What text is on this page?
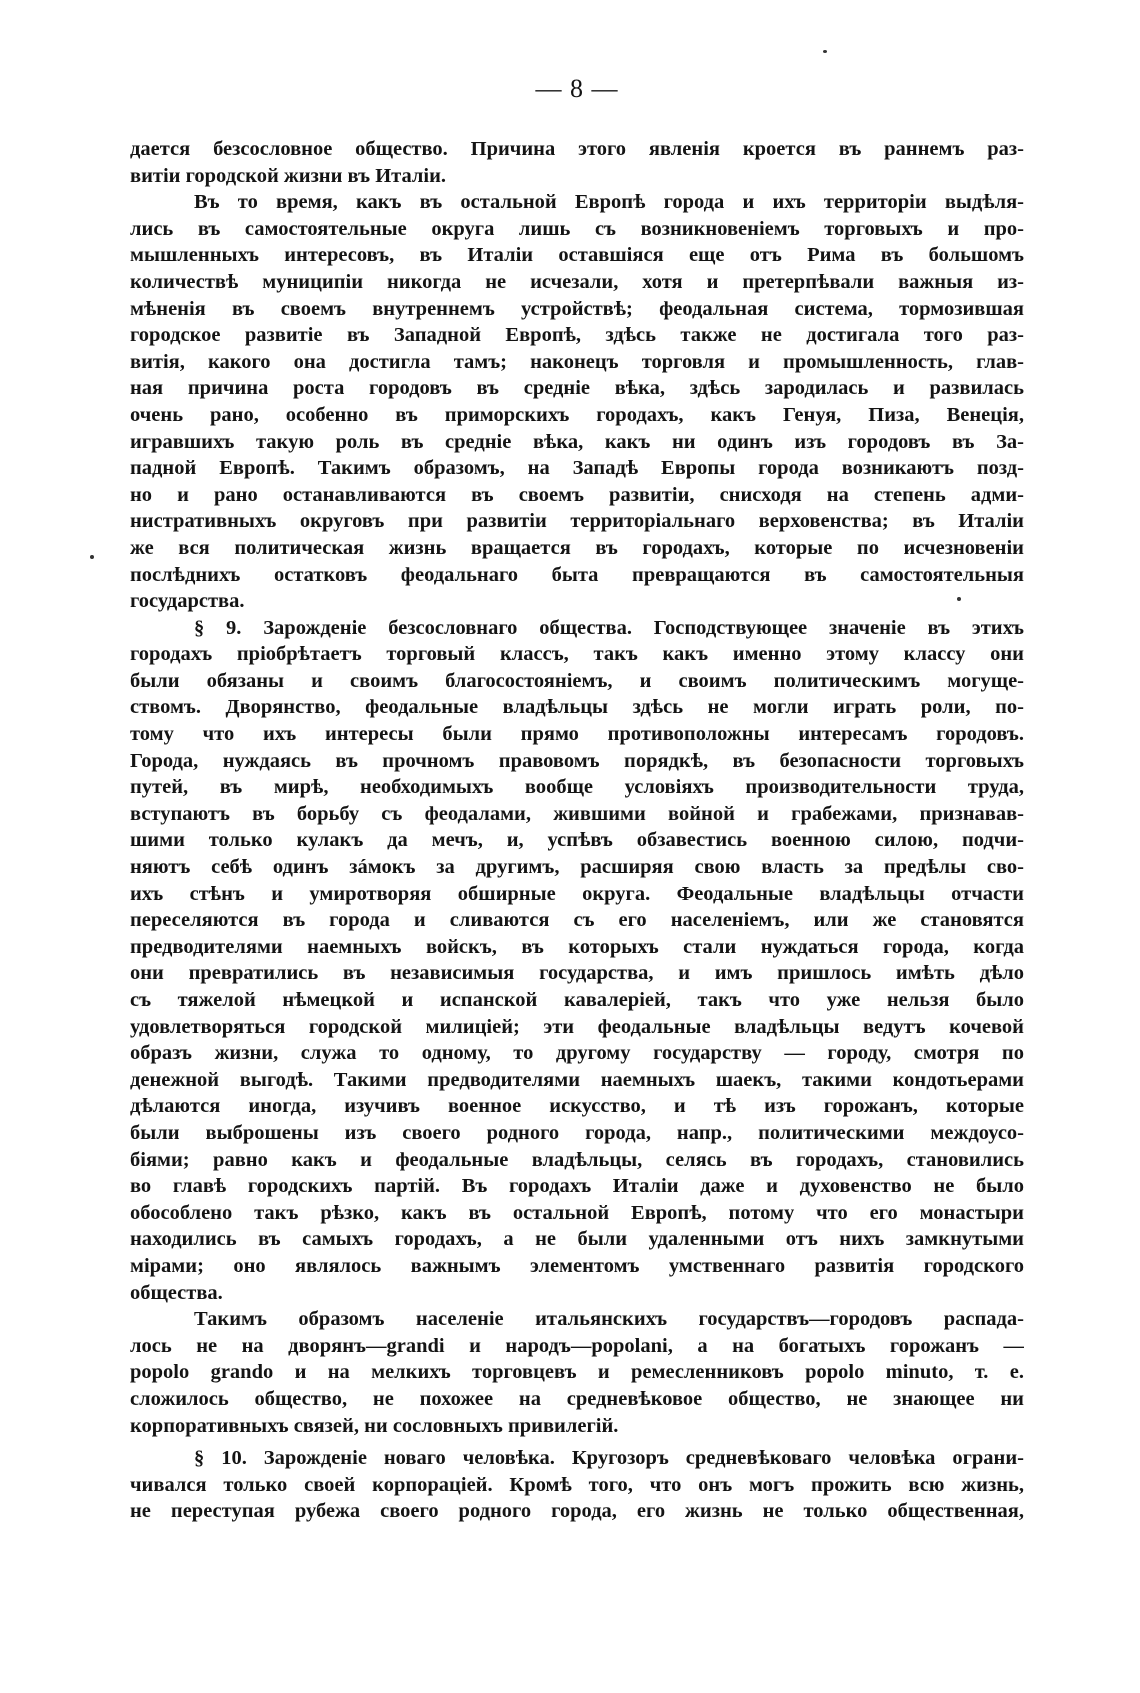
— 8 —
дается безсословное общество. Причина этого явленія кроется въ раннемъ раз-
витіи городской жизни въ Италіи.
Въ то время, какъ въ остальной Европѣ города и ихъ территоріи выдѣля-
лись въ самостоятельные округа лишь съ возникновеніемъ торговыхъ и про-
мышленныхъ интересовъ, въ Италіи оставшіяся еще отъ Рима въ большомъ
количествѣ муниципіи никогда не исчезали, хотя и претерпѣвали важныя из-
мѣненія въ своемъ внутреннемъ устройствѣ; феодальная система, тормозившая
городское развитіе въ Западной Европѣ, здѣсь также не достигала того раз-
витія, какого она достигла тамъ; наконецъ торговля и промышленность, глав-
ная причина роста городовъ въ средніе вѣка, здѣсь зародилась и развилась
очень рано, особенно въ приморскихъ городахъ, какъ Генуя, Пиза, Венеція,
игравшихъ такую роль въ средніе вѣка, какъ ни одинъ изъ городовъ въ За-
падной Европѣ. Такимъ образомъ, на Западѣ Европы города возникаютъ позд-
но и рано останавливаются въ своемъ развитіи, снисходя на степень адми-
нистративныхъ округовъ при развитіи территоріальнаго верховенства; въ Италіи
же вся политическая жизнь вращается въ городахъ, которые по исчезновеніи
послѣднихъ остатковъ феодальнаго быта превращаются въ самостоятельныя
государства.
§ 9. Зарожденіе безсословнаго общества. Господствующее значеніе въ этихъ
городахъ пріобрѣтаетъ торговый классъ, такъ какъ именно этому классу они
были обязаны и своимъ благосостояніемъ, и своимъ политическимъ могуще-
ствомъ. Дворянство, феодальные владѣльцы здѣсь не могли играть роли, по-
тому что ихъ интересы были прямо противоположны интересамъ городовъ.
Города, нуждаясь въ прочномъ правовомъ порядкѣ, въ безопасности торговыхъ
путей, въ мирѣ, необходимыхъ вообще условіяхъ производительности труда,
вступаютъ въ борьбу съ феодалами, жившими войной и грабежами, признавав-
шими только кулакъ да мечъ, и, успѣвъ обзавестись военною силою, подчи-
няютъ себѣ одинъ зáмокъ за другимъ, расширяя свою власть за предѣлы сво-
ихъ стѣнъ и умиротворяя обширные округа. Феодальные владѣльцы отчасти
переселяются въ города и сливаются съ его населеніемъ, или же становятся
предводителями наемныхъ войскъ, въ которыхъ стали нуждаться города, когда
они превратились въ независимыя государства, и имъ пришлось имѣть дѣло
съ тяжелой нѣмецкой и испанской кавалеріей, такъ что уже нельзя было
удовлетворяться городской милиціей; эти феодальные владѣльцы ведутъ кочевой
образъ жизни, служа то одному, то другому государству — городу, смотря по
денежной выгодѣ. Такими предводителями наемныхъ шаекъ, такими кондотьерами
дѣлаются иногда, изучивъ военное искусство, и тѣ изъ горожанъ, которые
были выброшены изъ своего родного города, напр., политическими междоусо-
біями; равно какъ и феодальные владѣльцы, селясь въ городахъ, становились
во главѣ городскихъ партій. Въ городахъ Италіи даже и духовенство не было
обособлено такъ рѣзко, какъ въ остальной Европѣ, потому что его монастыри
находились въ самыхъ городахъ, а не были удаленными отъ нихъ замкнутыми
мірами; оно являлось важнымъ элементомъ умственнаго развитія городского
общества.
Такимъ образомъ населеніе итальянскихъ государствъ—городовъ распада-
лось не на дворянъ—grandi и народъ—popolani, а на богатыхъ горожанъ —
popolo grando и на мелкихъ торговцевъ и ремесленниковъ popolo minuto, т. е.
сложилось общество, не похожее на средневѣковое общество, не знающее ни
корпоративныхъ связей, ни сословныхъ привилегій.
§ 10. Зарожденіе новаго человѣка. Кругозоръ средневѣковаго человѣка ограни-
чивался только своей корпораціей. Кромѣ того, что онъ могъ прожить всю жизнь,
не переступая рубежа своего родного города, его жизнь не только общественная,
